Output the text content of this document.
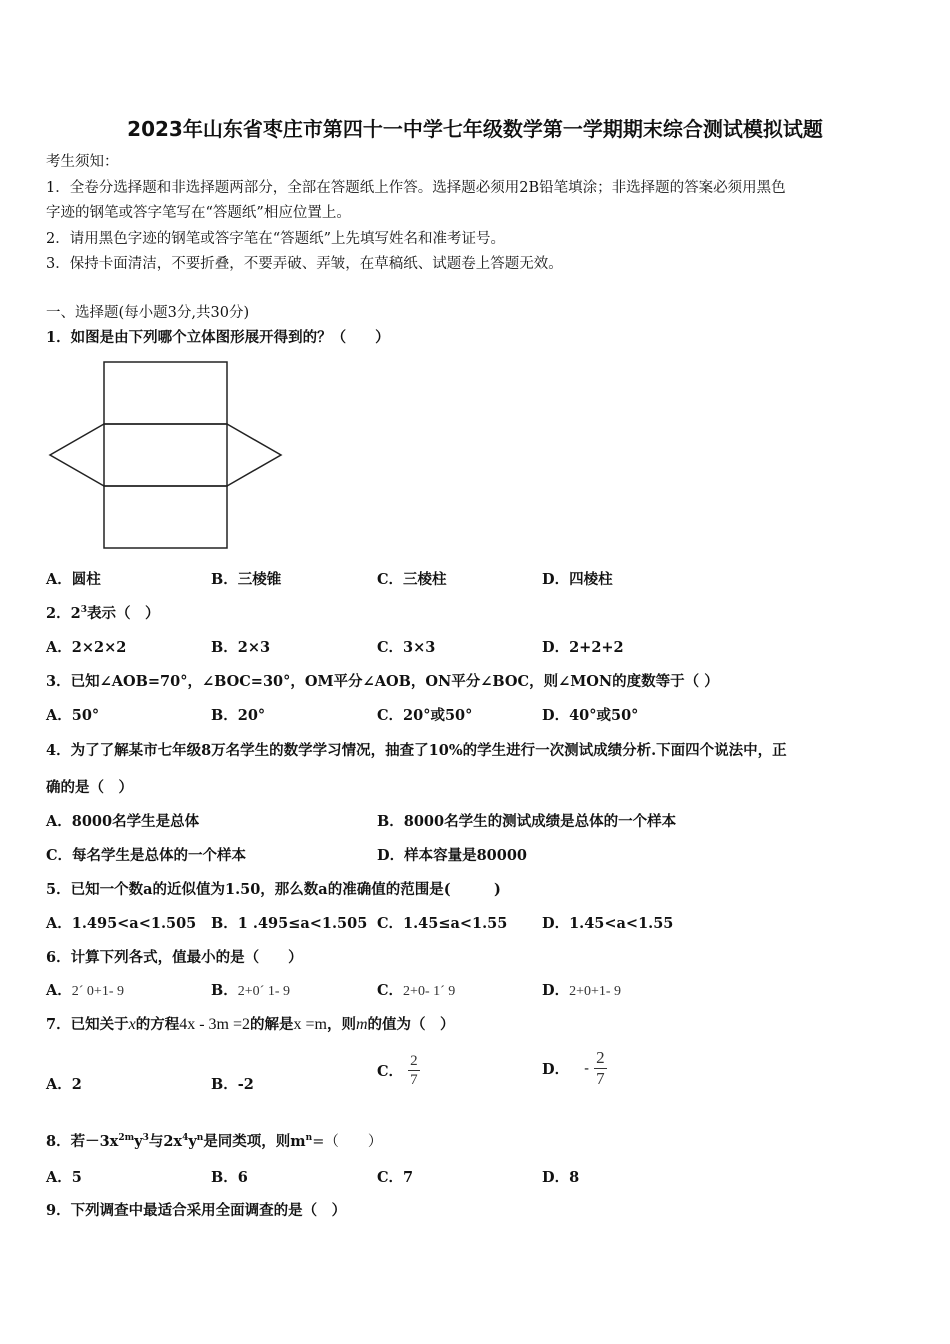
2023年山东省枣庄市第四十一中学七年级数学第一学期期末综合测试模拟试题
考生须知：
1．全卷分选择题和非选择题两部分，全部在答题纸上作答。选择题必须用2B铅笔填涂；非选择题的答案必须用黑色
字迹的钢笔或答字笔写在“答题纸”相应位置上。
2．请用黑色字迹的钢笔或答字笔在“答题纸”上先填写姓名和准考证号。
3．保持卡面清洁，不要折叠，不要弄破、弄皱，在草稿纸、试题卷上答题无效。
一、选择题(每小题3分,共30分)
1．如图是由下列哪个立体图形展开得到的？（　　）
A．圆柱	B．三棱锥	C．三棱柱	D．四棱柱
2．$2^3$表示（　）
A．2×2×2	B．2×3	C．3×3	D．2+2+2
3．已知∠AOB=70°，∠BOC=30°，OM平分∠AOB，ON平分∠BOC，则∠MON的度数等于（ ）
A．50°	B．20°	C．20°或50°	D．40°或50°
4．为了了解某市七年级8万名学生的数学学习情况，抽查了10%的学生进行一次测试成绩分析.下面四个说法中，正
确的是（　）
A．8000名学生是总体	B．8000名学生的测试成绩是总体的一个样本
C．每名学生是总体的一个样本	D．样本容量是80000
5．已知一个数a的近似值为1.50，那么数a的准确值的范围是(　　　)
A．1.495<a<1.505 B．1 .495≤a<1.505 C．1.45≤a<1.55 D．1.45<a<1.55
6．计算下列各式，值最小的是（　　）
A．2´ 0+1- 9	B．2+0´ 1- 9	C．2+0- 1´ 9	D．2+0+1- 9
7．已知关于x的方程4x - 3m =2的解是x =m，则m的值为（　）
A．2	B．-2
C． $\frac{2}{7}$	D． - $\frac{2}{7}$
8．若$-3x^{2m}y^3$与$2x^4y^n$是同类项，则$m^n=$（　　）
A．5	B．6	C．7	D．8
9．下列调查中最适合采用全面调查的是（　）
